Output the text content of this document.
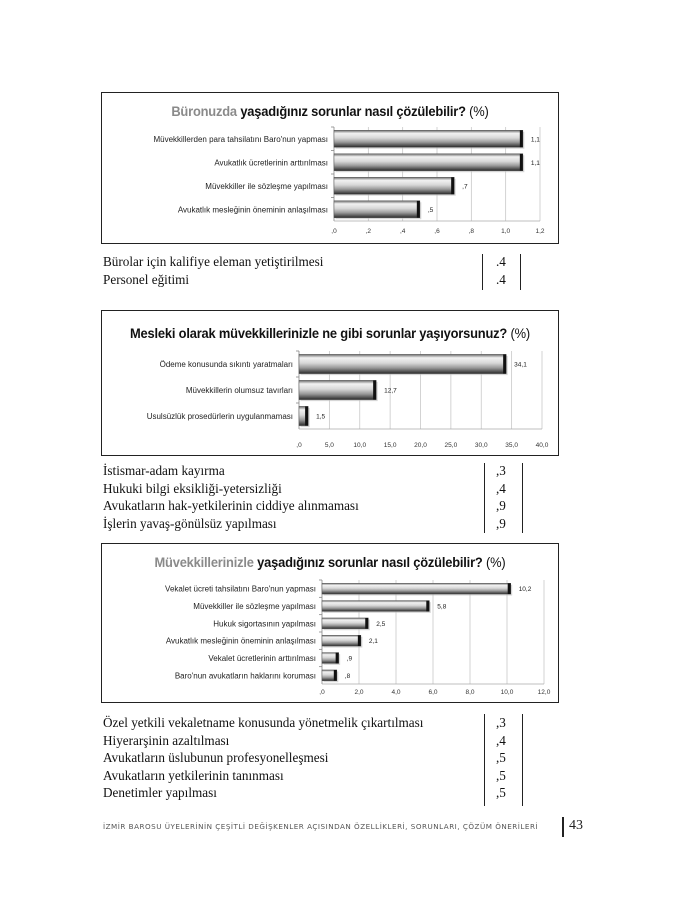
Büronuzda yaşadığınız sorunlar nasıl çözülebilir? (%)
,0	,2	,4	,6	,8	1,0	1,2
Müvekkillerden para tahsilatını Baro'nun yapması	1,1
Avukatlık ücretlerinin arttırılması	1,1
Müvekkiller ile sözleşme yapılması	,7
Avukatlık mesleğinin öneminin anlaşılması	,5
Bürolar için kalifiye eleman yetiştirilmesi	.4
Personel eğitimi	.4
Mesleki olarak müvekkillerinizle ne gibi sorunlar yaşıyorsunuz? (%)
,0	5,0	10,0	15,0	20,0	25,0	30,0	35,0	40,0
Ödeme konusunda sıkıntı yaratmaları	34,1
Müvekkillerin olumsuz tavırları	12,7
Usulsüzlük prosedürlerin uygulanmaması	1,5
İstismar-adam kayırma	,3
Hukuki bilgi eksikliği-yetersizliği	,4
Avukatların hak-yetkilerinin ciddiye alınmaması	,9
İşlerin yavaş-gönülsüz yapılması	,9
Müvekkillerinizle yaşadığınız sorunlar nasıl çözülebilir? (%)
,0	2,0	4,0	6,0	8,0	10,0	12,0
Vekalet ücreti tahsilatını Baro'nun yapması	10,2
Müvekkiller ile sözleşme yapılması	5,8
Hukuk sigortasının yapılması	2,5
Avukatlık mesleğinin öneminin anlaşılması	2,1
Vekalet ücretlerinin arttırılması	,9
Baro'nun avukatların haklarını koruması	,8
Özel yetkili vekaletname konusunda yönetmelik çıkartılması	,3
Hiyerarşinin azaltılması	,4
Avukatların üslubunun profesyonelleşmesi	,5
Avukatların yetkilerinin tanınması	,5
Denetimler yapılması	,5
İZMİR BAROSU ÜYELERİNİN ÇEŞİTLİ DEĞİŞKENLER AÇISINDAN ÖZELLİKLERİ, SORUNLARI, ÇÖZÜM ÖNERİLERİ 43
